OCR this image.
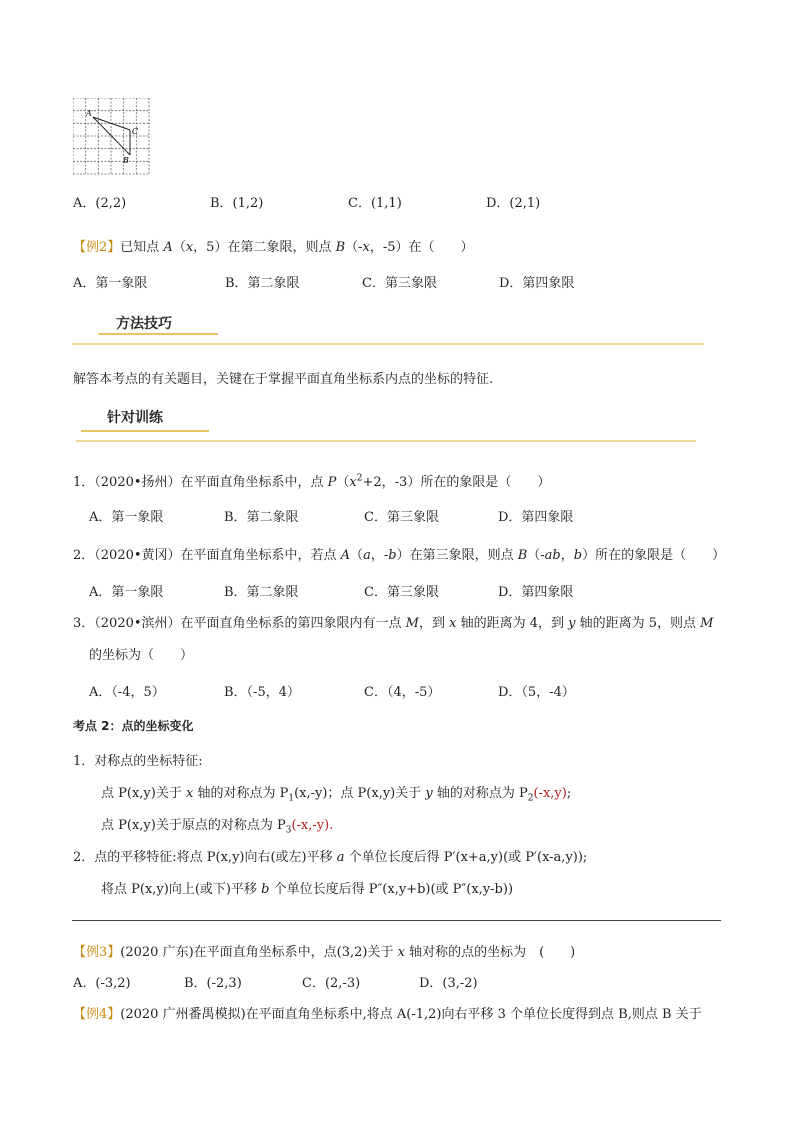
A
C
B
A．(2,2)	B．(1,2)	C．(1,1)	D．(2,1)
【例2】已知点 A（x，5）在第二象限，则点 B（-x，-5）在（　　）
A．第一象限	B．第二象限	C．第三象限	D．第四象限
方法技巧
解答本考点的有关题目，关键在于掌握平面直角坐标系内点的坐标的特征.
针对训练
1．（2020•扬州）在平面直角坐标系中，点 $P(x^2+2$，-3）所在的象限是（　　）
A．第一象限	B．第二象限	C．第三象限	D．第四象限
2．（2020•黄冈）在平面直角坐标系中，若点 A（a，-b）在第三象限，则点 B（-ab，b）所在的象限是（　　）
A．第一象限	B．第二象限	C．第三象限	D．第四象限
3．（2020•滨州）在平面直角坐标系的第四象限内有一点 M，到 x 轴的距离为 4，到 y 轴的距离为 5，则点 M
的坐标为（　　）
A．（-4，5）	B．（-5，4）	C．（4，-5）	D．（5，-4）
考点 2：点的坐标变化
1．对称点的坐标特征:
点 P(x,y)关于 x 轴的对称点为 $P_1(x,-y)$；点 P(x,y)关于 y 轴的对称点为 $P_2(-x,y)$;
点 P(x,y)关于原点的对称点为 $P_3(-x,-y)$.
2．点的平移特征:将点 P(x,y)向右(或左)平移 a 个单位长度后得 P′(x+a,y)(或 P′(x-a,y));
将点 P(x,y)向上(或下)平移 b 个单位长度后得 P″(x,y+b)(或 P″(x,y-b))
【例3】(2020 广东)在平面直角坐标系中，点(3,2)关于 x 轴对称的点的坐标为　(　　)
A．(-3,2)	B．(-2,3)	C．(2,-3)	D．(3,-2)
【例4】(2020 广州番禺模拟)在平面直角坐标系中,将点 A(-1,2)向右平移 3 个单位长度得到点 B,则点 B 关于
